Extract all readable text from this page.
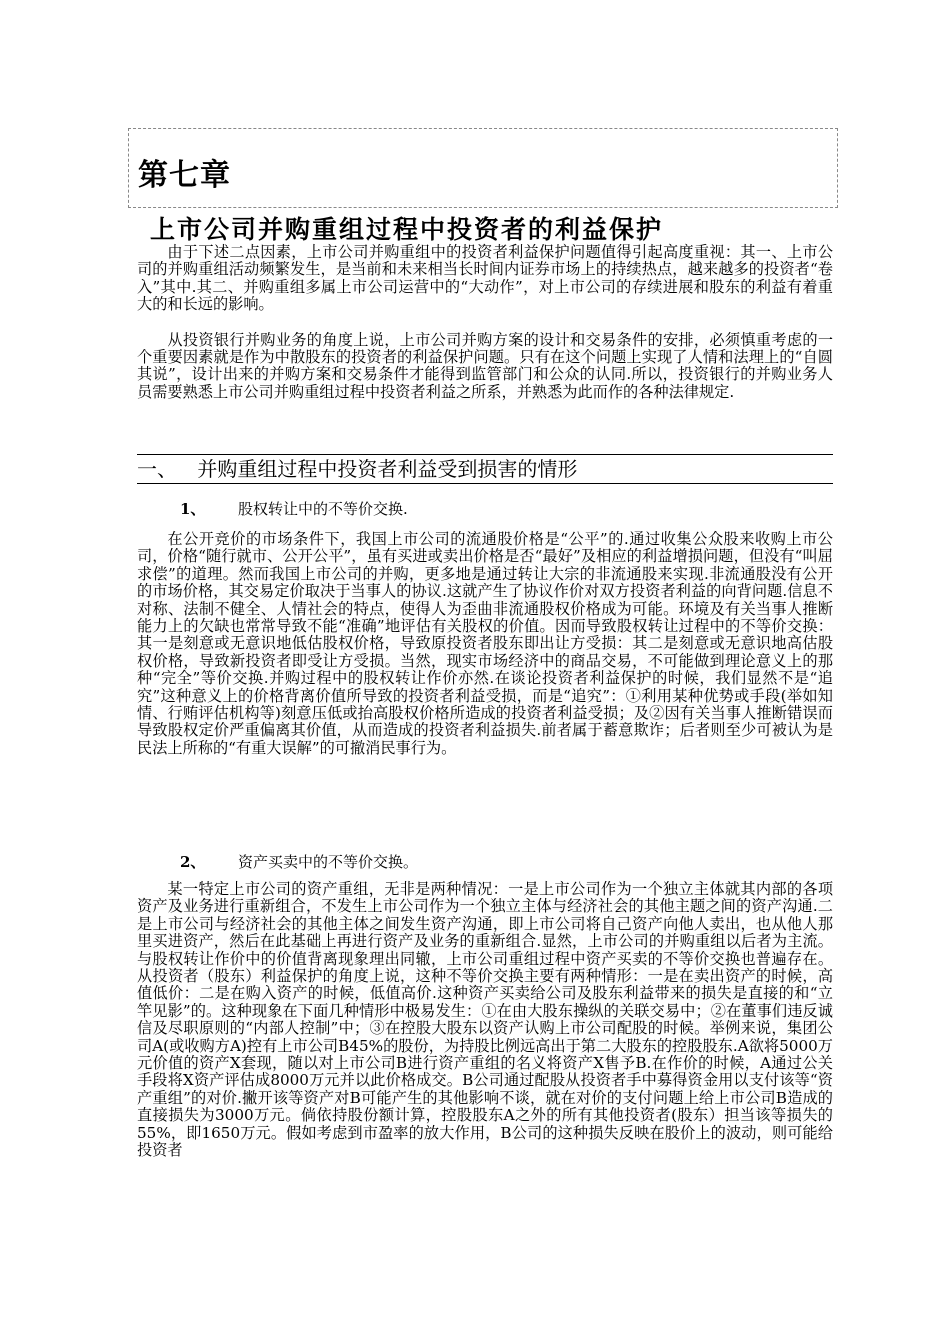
第七章
上市公司并购重组过程中投资者的利益保护

由于下述二点因素，上市公司并购重组中的投资者利益保护问题值得引起高度重视：其一、上市公司的并购重组活动频繁发生，是当前和未来相当长时间内证券市场上的持续热点，越来越多的投资者“卷入”其中.其二、并购重组多属上市公司运营中的“大动作”，对上市公司的存续进展和股东的利益有着重大的和长远的影响。

从投资银行并购业务的角度上说，上市公司并购方案的设计和交易条件的安排，必须慎重考虑的一个重要因素就是作为中散股东的投资者的利益保护问题。只有在这个问题上实现了人情和法理上的“自圆其说”，设计出来的并购方案和交易条件才能得到监管部门和公众的认同.所以，投资银行的并购业务人员需要熟悉上市公司并购重组过程中投资者利益之所系，并熟悉为此而作的各种法律规定.

一、 并购重组过程中投资者利益受到损害的情形
1、 股权转让中的不等价交换.

在公开竞价的市场条件下，我国上市公司的流通股价格是“公平”的.通过收集公众股来收购上市公司，价格“随行就市、公开公平”，虽有买进或卖出价格是否“最好”及相应的利益增损问题，但没有“叫屈求偿”的道理。然而我国上市公司的并购，更多地是通过转让大宗的非流通股来实现.非流通股没有公开的市场价格，其交易定价取决于当事人的协议.这就产生了协议作价对双方投资者利益的向背问题.信息不对称、法制不健全、人情社会的特点，使得人为歪曲非流通股权价格成为可能。环境及有关当事人推断能力上的欠缺也常常导致不能“准确”地评估有关股权的价值。因而导致股权转让过程中的不等价交换：其一是刻意或无意识地低估股权价格，导致原投资者股东即出让方受损：其二是刻意或无意识地高估股权价格，导致新投资者即受让方受损。当然，现实市场经济中的商品交易，不可能做到理论意义上的那种“完全”等价交换.并购过程中的股权转让作价亦然.在谈论投资者利益保护的时候，我们显然不是“追究”这种意义上的价格背离价值所导致的投资者利益受损，而是“追究”：①利用某种优势或手段(举如知情、行贿评估机构等)刻意压低或抬高股权价格所造成的投资者利益受损；及②因有关当事人推断错误而导致股权定价严重偏离其价值，从而造成的投资者利益损失.前者属于蓄意欺诈；后者则至少可被认为是民法上所称的“有重大误解”的可撤消民事行为。

2、 资产买卖中的不等价交换。

某一特定上市公司的资产重组，无非是两种情况：一是上市公司作为一个独立主体就其内部的各项资产及业务进行重新组合，不发生上市公司作为一个独立主体与经济社会的其他主题之间的资产沟通.二是上市公司与经济社会的其他主体之间发生资产沟通，即上市公司将自己资产向他人卖出，也从他人那里买进资产，然后在此基础上再进行资产及业务的重新组合.显然，上市公司的并购重组以后者为主流。与股权转让作价中的价值背离现象理出同辙，上市公司重组过程中资产买卖的不等价交换也普遍存在。从投资者（股东）利益保护的角度上说，这种不等价交换主要有两种情形：一是在卖出资产的时候，高值低价：二是在购入资产的时候，低值高价.这种资产买卖给公司及股东利益带来的损失是直接的和“立竿见影”的。这种现象在下面几种情形中极易发生：①在由大股东操纵的关联交易中；②在董事们违反诚信及尽职原则的“内部人控制”中；③在控股大股东以资产认购上市公司配股的时候。举例来说，集团公司A(或收购方A)控有上市公司B45%的股份，为持股比例远高出于第二大股东的控股股东.A欲将5000万元价值的资产X套现，随以对上市公司B进行资产重组的名义将资产X售予B.在作价的时候，A通过公关手段将X资产评估成8000万元并以此价格成交。B公司通过配股从投资者手中募得资金用以支付该等“资产重组”的对价.撇开该等资产对B可能产生的其他影响不谈，就在对价的支付问题上给上市公司B造成的直接损失为3000万元。倘依持股份额计算，控股股东A之外的所有其他投资者(股东）担当该等损失的55%，即1650万元。假如考虑到市盈率的放大作用，B公司的这种损失反映在股价上的波动，则可能给投资者
